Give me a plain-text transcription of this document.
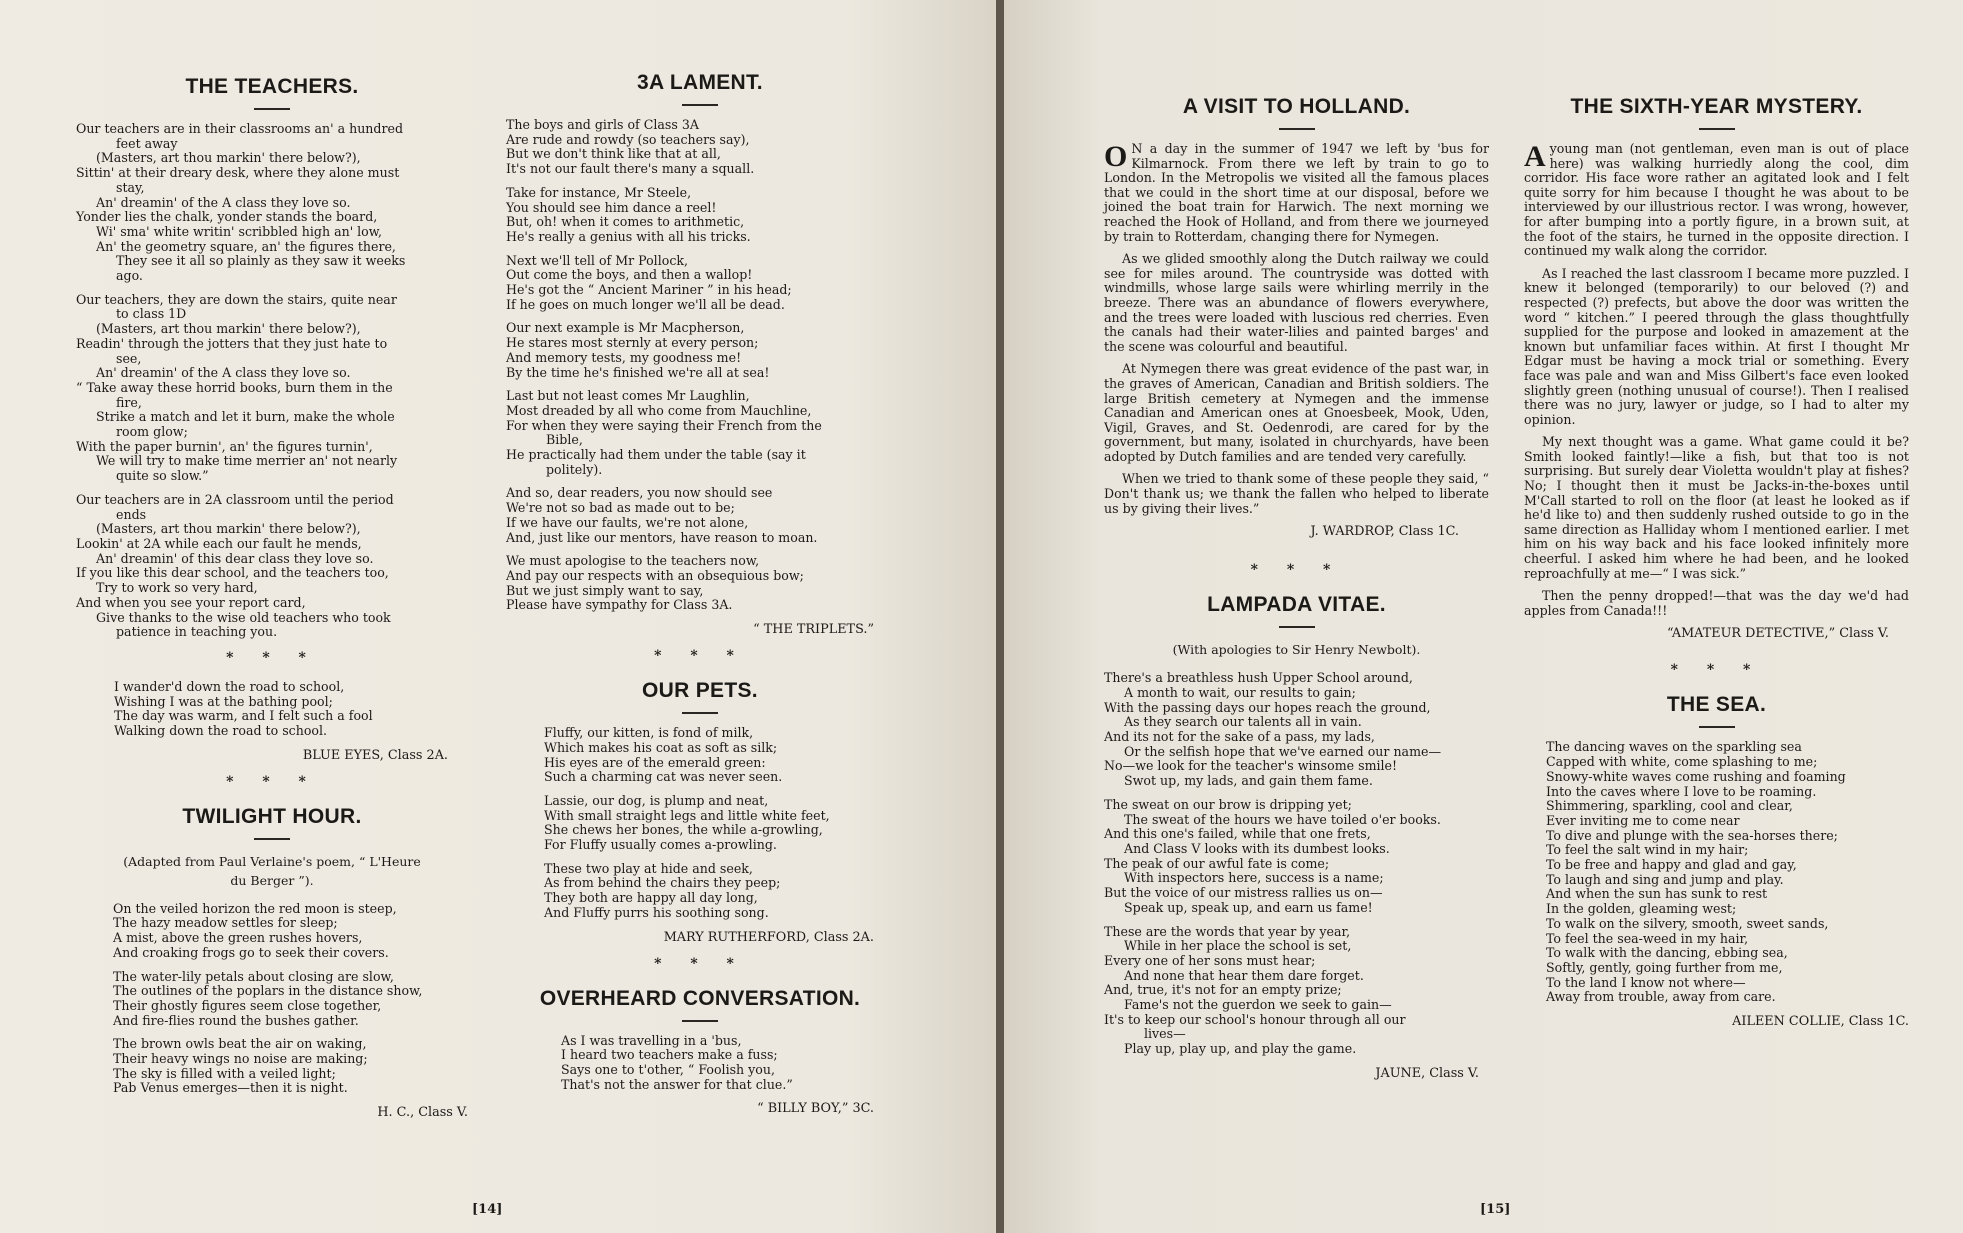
THE TEACHERS.
Our teachers are in their classrooms an' a hundred
feet away
(Masters, art thou markin' there below?),
Sittin' at their dreary desk, where they alone must
stay,
An' dreamin' of the A class they love so.
Yonder lies the chalk, yonder stands the board,
Wi' sma' white writin' scribbled high an' low,
An' the geometry square, an' the figures there,
They see it all so plainly as they saw it weeks
ago.
Our teachers, they are down the stairs, quite near
to class 1D
(Masters, art thou markin' there below?),
Readin' through the jotters that they just hate to
see,
An' dreamin' of the A class they love so.
“ Take away these horrid books, burn them in the
fire,
Strike a match and let it burn, make the whole
room glow;
With the paper burnin', an' the figures turnin',
We will try to make time merrier an' not nearly
quite so slow.”
Our teachers are in 2A classroom until the period
ends
(Masters, art thou markin' there below?),
Lookin' at 2A while each our fault he mends,
An' dreamin' of this dear class they love so.
If you like this dear school, and the teachers too,
Try to work so very hard,
And when you see your report card,
Give thanks to the wise old teachers who took
patience in teaching you.
* * *
I wander'd down the road to school,
Wishing I was at the bathing pool;
The day was warm, and I felt such a fool
Walking down the road to school.
BLUE EYES, Class 2A.
* * *
TWILIGHT HOUR.

(Adapted from Paul Verlaine's poem, “ L'Heure
du Berger ”).

On the veiled horizon the red moon is steep,
The hazy meadow settles for sleep;
A mist, above the green rushes hovers,
And croaking frogs go to seek their covers.
The water-lily petals about closing are slow,
The outlines of the poplars in the distance show,
Their ghostly figures seem close together,
And fire-flies round the bushes gather.
The brown owls beat the air on waking,
Their heavy wings no noise are making;
The sky is filled with a veiled light;
Pab Venus emerges—then it is night.
H. C., Class V.
3A LAMENT.
The boys and girls of Class 3A
Are rude and rowdy (so teachers say),
But we don't think like that at all,
It's not our fault there's many a squall.
Take for instance, Mr Steele,
You should see him dance a reel!
But, oh! when it comes to arithmetic,
He's really a genius with all his tricks.
Next we'll tell of Mr Pollock,
Out come the boys, and then a wallop!
He's got the “ Ancient Mariner ” in his head;
If he goes on much longer we'll all be dead.
Our next example is Mr Macpherson,
He stares most sternly at every person;
And memory tests, my goodness me!
By the time he's finished we're all at sea!
Last but not least comes Mr Laughlin,
Most dreaded by all who come from Mauchline,
For when they were saying their French from the
Bible,
He practically had them under the table (say it
politely).
And so, dear readers, you now should see
We're not so bad as made out to be;
If we have our faults, we're not alone,
And, just like our mentors, have reason to moan.
We must apologise to the teachers now,
And pay our respects with an obsequious bow;
But we just simply want to say,
Please have sympathy for Class 3A.
“ THE TRIPLETS.”
* * *
OUR PETS.
Fluffy, our kitten, is fond of milk,
Which makes his coat as soft as silk;
His eyes are of the emerald green:
Such a charming cat was never seen.
Lassie, our dog, is plump and neat,
With small straight legs and little white feet,
She chews her bones, the while a-growling,
For Fluffy usually comes a-prowling.
These two play at hide and seek,
As from behind the chairs they peep;
They both are happy all day long,
And Fluffy purrs his soothing song.
MARY RUTHERFORD, Class 2A.
* * *
OVERHEARD CONVERSATION.
As I was travelling in a 'bus,
I heard two teachers make a fuss;
Says one to t'other, “ Foolish you,
That's not the answer for that clue.”
“ BILLY BOY,” 3C.
[14]
A VISIT TO HOLLAND.

O N a day in the summer of 1947 we left by 'bus for Kilmarnock. From there we left by train to go to London. In the Metropolis we visited all the famous places that we could in the short time at our disposal, before we joined the boat train for Harwich. The next morning we reached the Hook of Holland, and from there we journeyed by train to Rotterdam, changing there for Nymegen.

As we glided smoothly along the Dutch railway we could see for miles around. The countryside was dotted with windmills, whose large sails were whirling merrily in the breeze. There was an abundance of flowers everywhere, and the trees were loaded with luscious red cherries. Even the canals had their water-lilies and painted barges' and the scene was colourful and beautiful.

At Nymegen there was great evidence of the past war, in the graves of American, Canadian and British soldiers. The large British cemetery at Nymegen and the immense Canadian and American ones at Gnoesbeek, Mook, Uden, Vigil, Graves, and St. Oedenrodi, are cared for by the government, but many, isolated in churchyards, have been adopted by Dutch families and are tended very carefully.

When we tried to thank some of these people they said, “ Don't thank us; we thank the fallen who helped to liberate us by giving their lives.”

J. WARDROP, Class 1C.
* * *
LAMPADA VITAE.

(With apologies to Sir Henry Newbolt).

There's a breathless hush Upper School around,
A month to wait, our results to gain;
With the passing days our hopes reach the ground,
As they search our talents all in vain.
And its not for the sake of a pass, my lads,
Or the selfish hope that we've earned our name—
No—we look for the teacher's winsome smile!
Swot up, my lads, and gain them fame.
The sweat on our brow is dripping yet;
The sweat of the hours we have toiled o'er books.
And this one's failed, while that one frets,
And Class V looks with its dumbest looks.
The peak of our awful fate is come;
With inspectors here, success is a name;
But the voice of our mistress rallies us on—
Speak up, speak up, and earn us fame!
These are the words that year by year,
While in her place the school is set,
Every one of her sons must hear;
And none that hear them dare forget.
And, true, it's not for an empty prize;
Fame's not the guerdon we seek to gain—
It's to keep our school's honour through all our
lives—
Play up, play up, and play the game.
JAUNE, Class V.
THE SIXTH-YEAR MYSTERY.

Ayoung man (not gentleman, even man is out of place here) was walking hurriedly along the cool, dim corridor. His face wore rather an agitated look and I felt quite sorry for him because I thought he was about to be interviewed by our illustrious rector. I was wrong, however, for after bumping into a portly figure, in a brown suit, at the foot of the stairs, he turned in the opposite direction. I continued my walk along the corridor.

As I reached the last classroom I became more puzzled. I knew it belonged (temporarily) to our beloved (?) and respected (?) prefects, but above the door was written the word “ kitchen.” I peered through the glass thoughtfully supplied for the purpose and looked in amazement at the known but unfamiliar faces within. At first I thought Mr Edgar must be having a mock trial or something. Every face was pale and wan and Miss Gilbert's face even looked slightly green (nothing unusual of course!). Then I realised there was no jury, lawyer or judge, so I had to alter my opinion.

My next thought was a game. What game could it be? Smith looked faintly!—like a fish, but that too is not surprising. But surely dear Violetta wouldn't play at fishes? No; I thought then it must be Jacks-in-the-boxes until M'Call started to roll on the floor (at least he looked as if he'd like to) and then suddenly rushed outside to go in the same direction as Halliday whom I mentioned earlier. I met him on his way back and his face looked infinitely more cheerful. I asked him where he had been, and he looked reproachfully at me—“ I was sick.”

Then the penny dropped!—that was the day we'd had apples from Canada!!!

“AMATEUR DETECTIVE,” Class V.
* * *
THE SEA.
The dancing waves on the sparkling sea
Capped with white, come splashing to me;
Snowy-white waves come rushing and foaming
Into the caves where I love to be roaming.
Shimmering, sparkling, cool and clear,
Ever inviting me to come near
To dive and plunge with the sea-horses there;
To feel the salt wind in my hair;
To be free and happy and glad and gay,
To laugh and sing and jump and play.
And when the sun has sunk to rest
In the golden, gleaming west;
To walk on the silvery, smooth, sweet sands,
To feel the sea-weed in my hair,
To walk with the dancing, ebbing sea,
Softly, gently, going further from me,
To the land I know not where—
Away from trouble, away from care.
AILEEN COLLIE, Class 1C.
[15]
